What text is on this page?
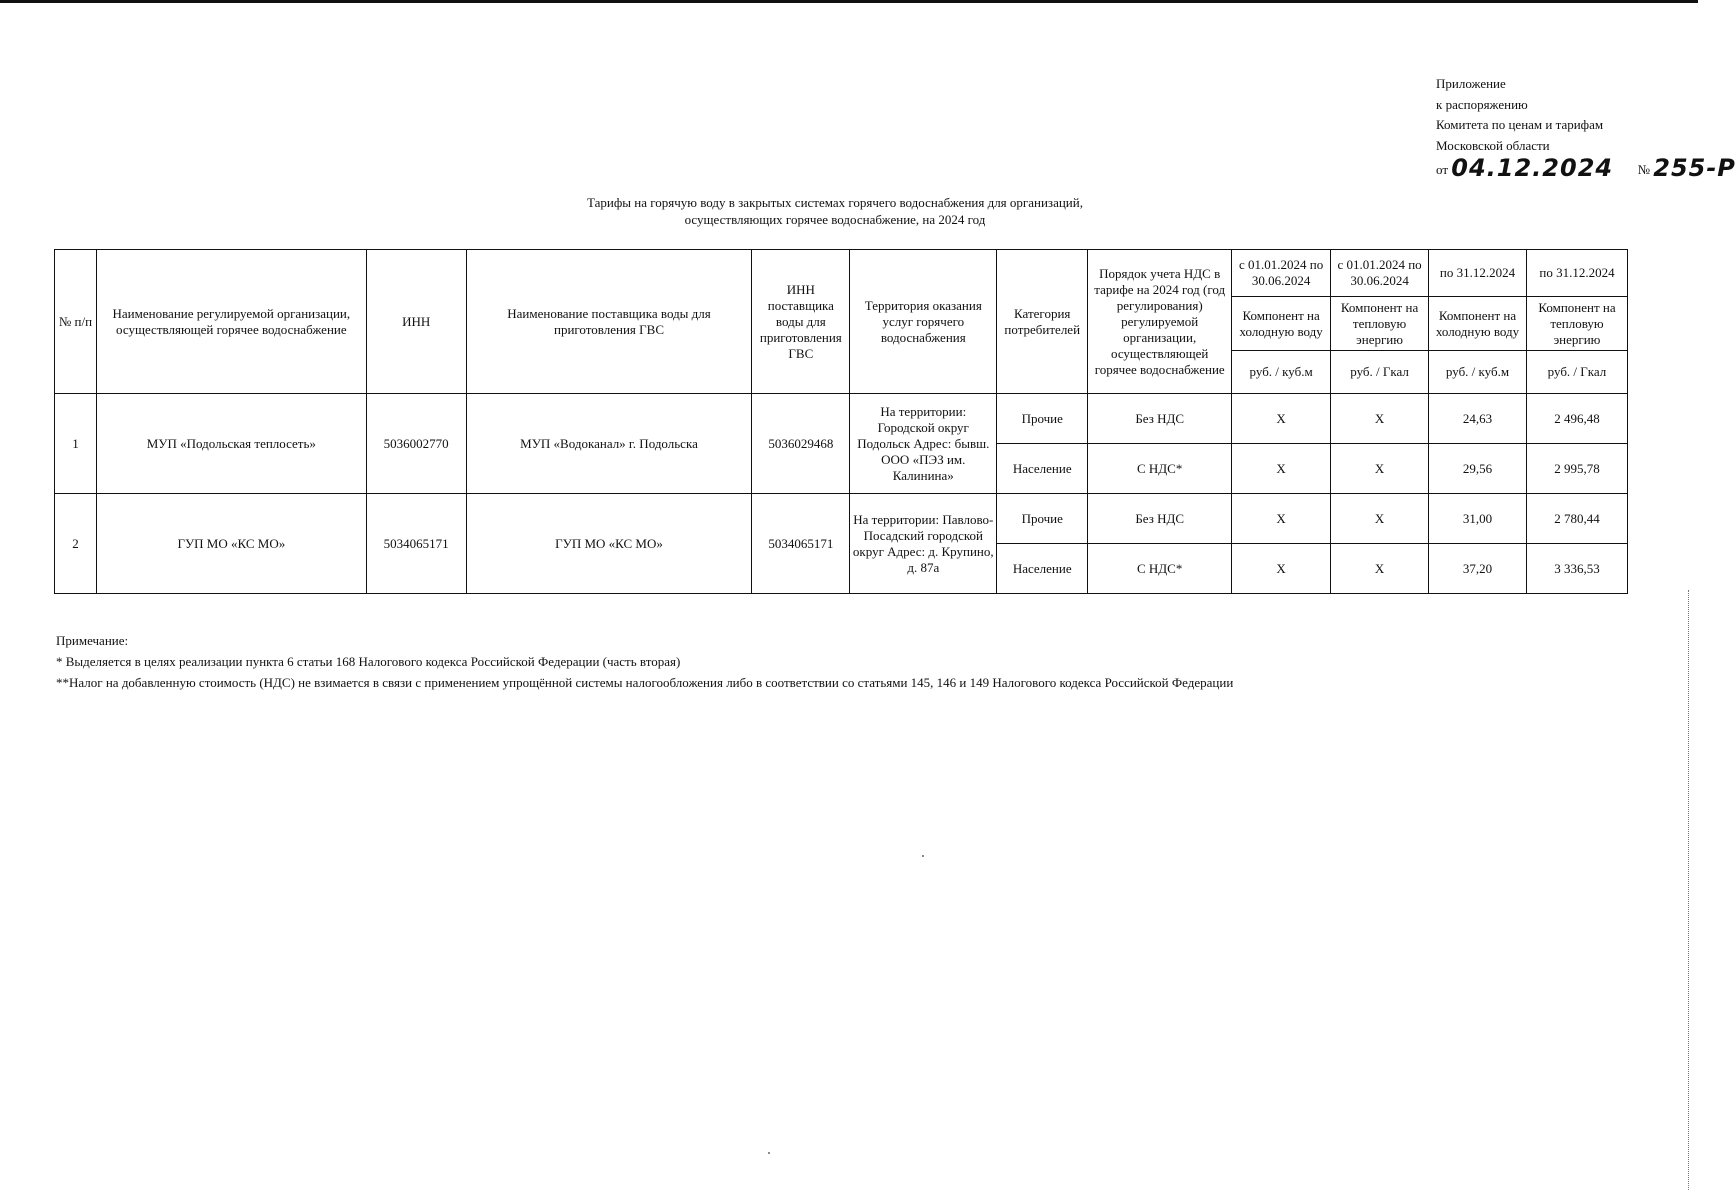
Приложение
к распоряжению
Комитета по ценам и тарифам
Московской области
от 04.12.2024 № 255-Р
Тарифы на горячую воду в закрытых системах горячего водоснабжения для организаций,
осуществляющих горячее водоснабжение, на 2024 год
№ п/п	Наименование регулируемой организации, осуществляющей горячее водоснабжение	ИНН	Наименование поставщика воды для приготовления ГВС	ИНН поставщика воды для приготовления ГВС	Территория оказания услуг горячего водоснабжения	Категория потребителей	Порядок учета НДС в тарифе на 2024 год (год регулирования) регулируемой организации, осуществляющей горячее водоснабжение	с 01.01.2024 по 30.06.2024	с 01.01.2024 по 30.06.2024	по 31.12.2024	по 31.12.2024
								Компонент на холодную воду	Компонент на тепловую энергию	Компонент на холодную воду	Компонент на тепловую энергию
								руб. / куб.м	руб. / Гкал	руб. / куб.м	руб. / Гкал
1	МУП «Подольская теплосеть»	5036002770	МУП «Водоканал» г. Подольска	5036029468	На территории: Городской округ Подольск Адрес: бывш. ООО «ПЭЗ им. Калинина»	Прочие	Без НДС	X	X	24,63	2 496,48
						Население	С НДС*	X	X	29,56	2 995,78
2	ГУП МО «КС МО»	5034065171	ГУП МО «КС МО»	5034065171	На территории: Павлово-Посадский городской округ Адрес: д. Крупино, д. 87а	Прочие	Без НДС	X	X	31,00	2 780,44
						Население	С НДС*	X	X	37,20	3 336,53
Примечание:
* Выделяется в целях реализации пункта 6 статьи 168 Налогового кодекса Российской Федерации (часть вторая)
**Налог на добавленную стоимость (НДС) не взимается в связи с применением упрощённой системы налогообложения либо в соответствии со статьями 145, 146 и 149 Налогового кодекса Российской Федерации
